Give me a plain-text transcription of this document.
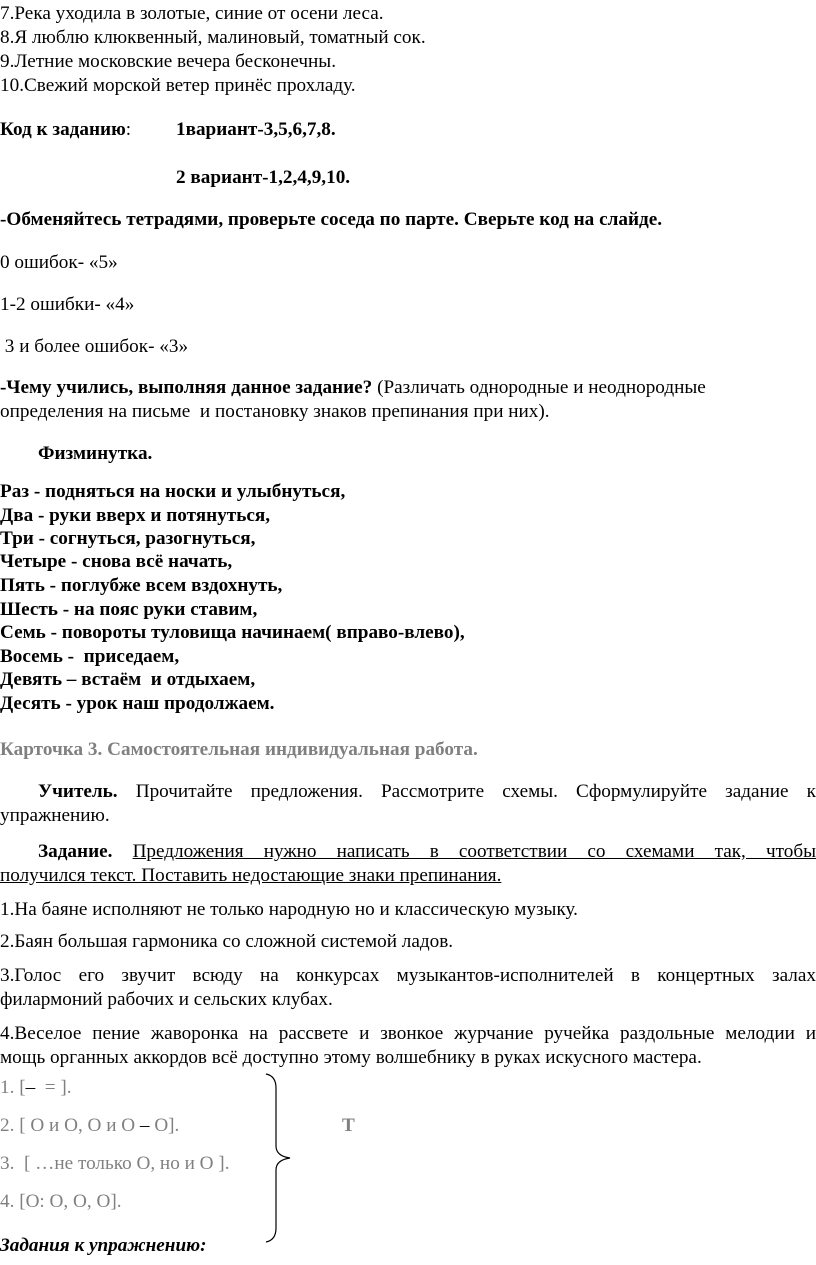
7.Река уходила в золотые, синие от осени леса.
8.Я люблю клюквенный, малиновый, томатный сок.
9.Летние московские вечера бесконечны.
10.Свежий морской ветер принёс прохладу.
Код к заданию: 1вариант-3,5,6,7,8.
2 вариант-1,2,4,9,10.
-Обменяйтесь тетрадями, проверьте соседа по парте. Сверьте код на слайде.
0 ошибок- «5»
1-2 ошибки- «4»
3 и более ошибок- «3»
-Чему учились, выполняя данное задание? (Различать однородные и неоднородные
определения на письме  и постановку знаков препинания при них).
Физминутка.
Раз - подняться на носки и улыбнуться,
Два - руки вверх и потянуться,
Три - согнуться, разогнуться,
Четыре - снова всё начать,
Пять - поглубже всем вздохнуть,
Шесть - на пояс руки ставим,
Семь - повороты туловища начинаем( вправо-влево),
Восемь -  приседаем,
Девять – встаём  и отдыхаем,
Десять - урок наш продолжаем.
Карточка 3. Самостоятельная индивидуальная работа.
Учитель. Прочитайте предложения. Рассмотрите схемы. Сформулируйте задание к
упражнению.
Задание. Предложения нужно написать в соответствии со схемами так, чтобы
получился текст. Поставить недостающие знаки препинания.
1.На баяне исполняют не только народную но и классическую музыку.
2.Баян большая гармоника со сложной системой ладов.
3.Голос его звучит всюду на конкурсах музыкантов-исполнителей в концертных залах
филармоний рабочих и сельских клубах.
4.Веселое пение жаворонка на рассвете и звонкое журчание ручейка раздольные мелодии и
мощь органных аккордов всё доступно этому волшебнику в руках искусного мастера.
1. [–  = ].
2. [ О и О, О и О – О].
3.  [ …не только О, но и О ].
4. [О: О, О, О].
Т
Задания к упражнению:
